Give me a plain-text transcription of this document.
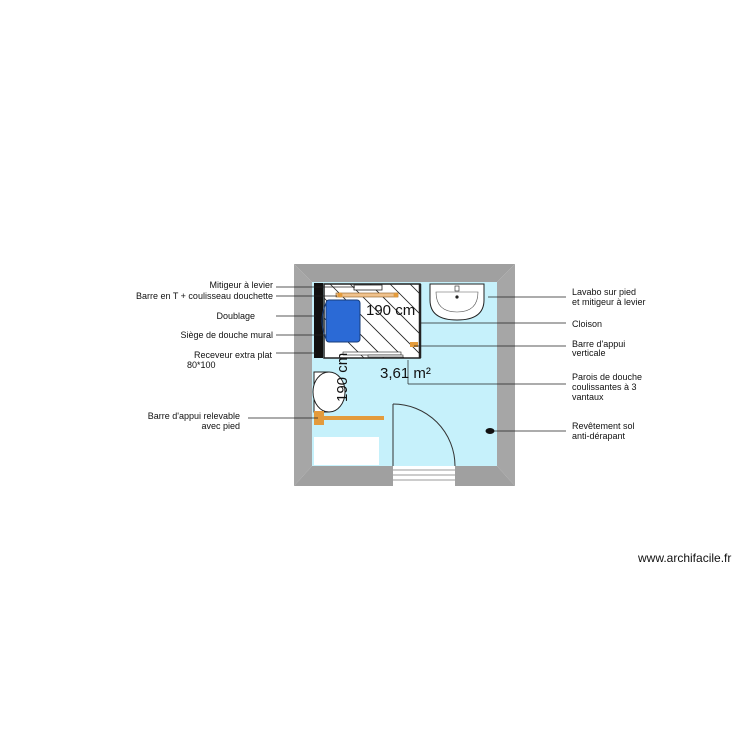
Mitigeur à levier
Barre en T + coulisseau douchette
Doublage
Siège de douche mural
Receveur extra plat
80*100
Barre d'appui relevable
avec pied
Lavabo sur pied
et mitigeur à levier
Cloison
Barre d'appui
verticale
Parois de douche
coulissantes à 3
vantaux
Revêtement sol
anti-dérapant
190 cm
190 cm 3,61 m²
www.archifacile.fr
